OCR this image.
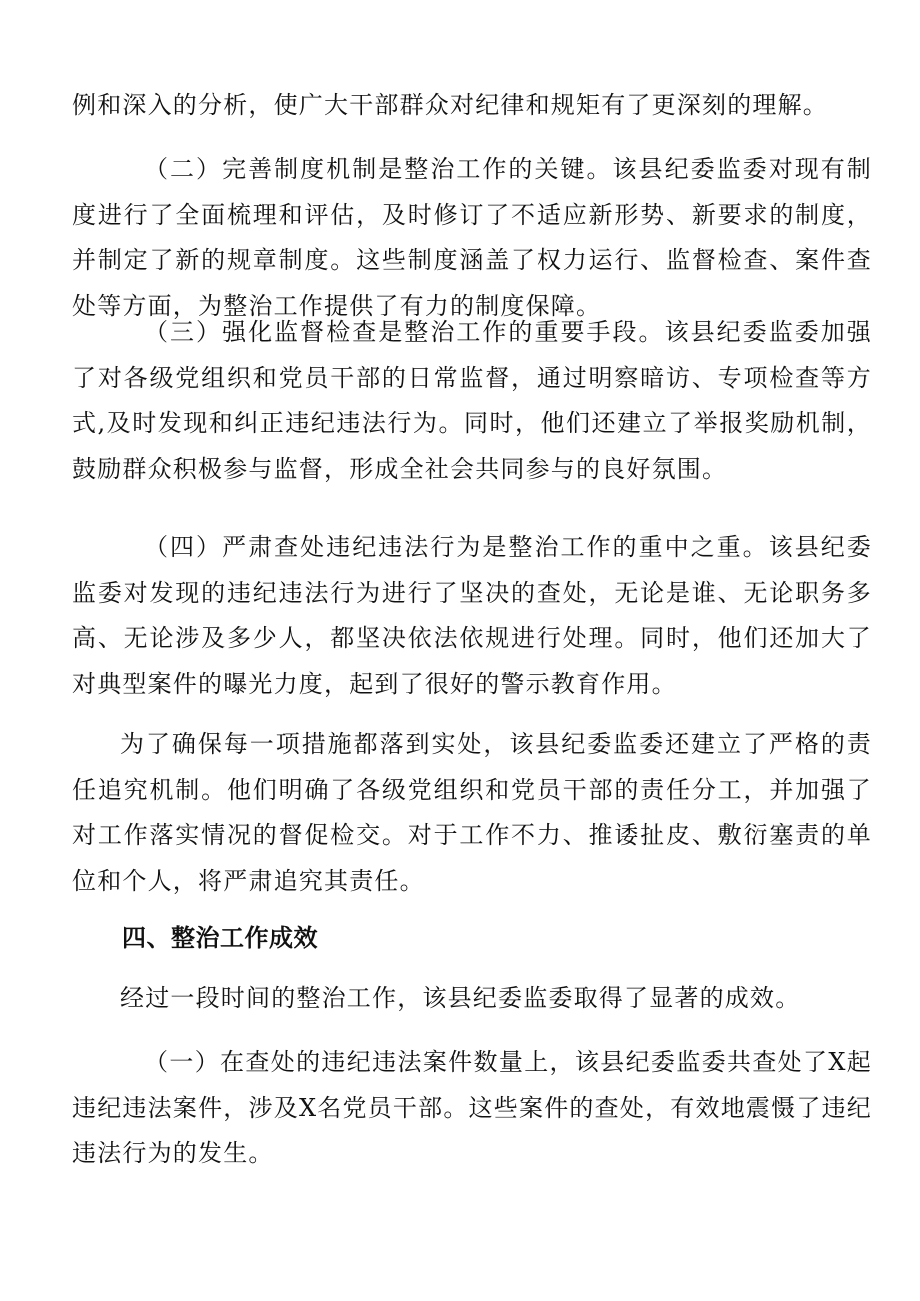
例和深入的分析，使广大干部群众对纪律和规矩有了更深刻的理解。

（二）完善制度机制是整治工作的关键。该县纪委监委对现有制度进行了全面梳理和评估，及时修订了不适应新形势、新要求的制度，并制定了新的规章制度。这些制度涵盖了权力运行、监督检查、案件查处等方面，为整治工作提供了有力的制度保障。

（三）强化监督检查是整治工作的重要手段。该县纪委监委加强了对各级党组织和党员干部的日常监督，通过明察暗访、专项检查等方式,及时发现和纠正违纪违法行为。同时，他们还建立了举报奖励机制，鼓励群众积极参与监督，形成全社会共同参与的良好氛围。

（四）严肃查处违纪违法行为是整治工作的重中之重。该县纪委监委对发现的违纪违法行为进行了坚决的查处，无论是谁、无论职务多高、无论涉及多少人，都坚决依法依规进行处理。同时，他们还加大了对典型案件的曝光力度，起到了很好的警示教育作用。

为了确保每一项措施都落到实处，该县纪委监委还建立了严格的责任追究机制。他们明确了各级党组织和党员干部的责任分工，并加强了对工作落实情况的督促检交。对于工作不力、推诿扯皮、敷衍塞责的单位和个人，将严肃追究其责任。

四、整治工作成效

经过一段时间的整治工作，该县纪委监委取得了显著的成效。

（一）在查处的违纪违法案件数量上，该县纪委监委共查处了X起违纪违法案件，涉及X名党员干部。这些案件的查处，有效地震慑了违纪违法行为的发生。
